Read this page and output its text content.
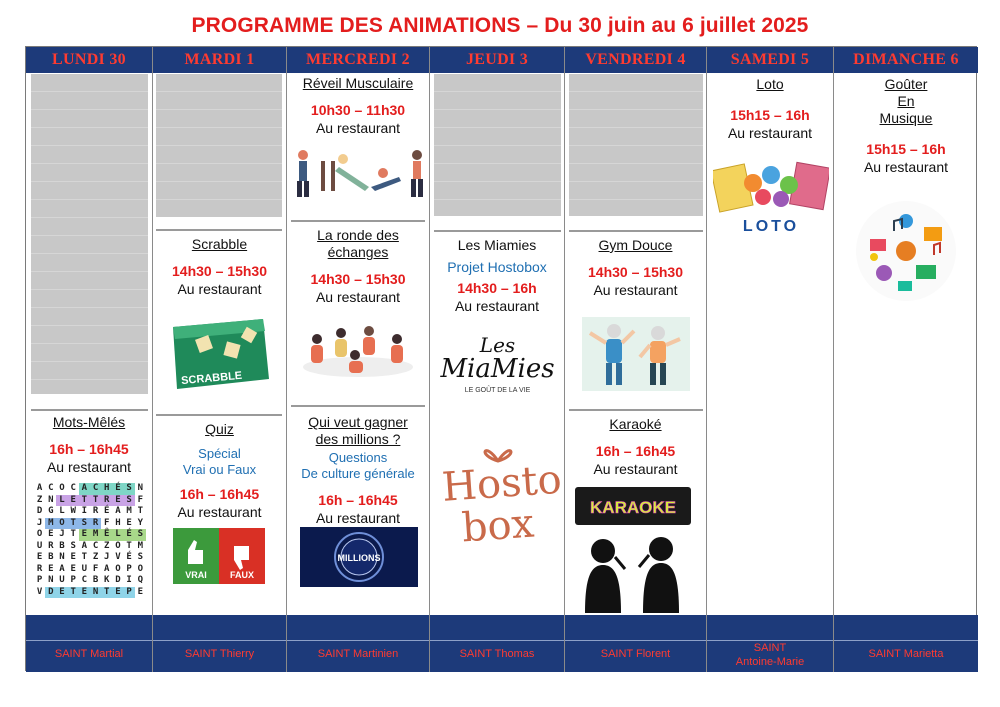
PROGRAMME DES ANIMATIONS – Du 30 juin au 6 juillet 2025
LUNDI 30
Mots-Mêlés
16h – 16h45
Au restaurant
A C O C A C H É S N
Z N L E T T R E S F
D G L W I R É A M T
J M O T S R F H E Y
O E J T E M Ê L É S
U R B S A C Z O T M
E B N E T Z J V É S
R E A E U F A O P O
P N U P C B K D I Q
V D E T E N T E P E
SAINT Martial
MARDI 1
Scrabble
14h30 – 15h30
Au restaurant
SCRABBLE
Quiz
Spécial
Vrai ou Faux
16h – 16h45
Au restaurant
VRAI	FAUX
SAINT Thierry
MERCREDI 2
Réveil Musculaire
10h30 – 11h30
Au restaurant
La ronde des
échanges
14h30 – 15h30
Au restaurant
Qui veut gagner
des millions ?
Questions
De culture générale
16h – 16h45
Au restaurant
MILLIONS
SAINT Martinien
JEUDI 3
Les Miamies
Projet Hostobox
14h30 – 16h
Au restaurant
Les
MiaMies
LE GOÛT DE LA VIE
Hosto
box
SAINT Thomas
VENDREDI 4
Gym Douce
14h30 – 15h30
Au restaurant
Karaoké
16h – 16h45
Au restaurant
KARAOKE
SAINT Florent
SAMEDI 5
Loto
15h15 – 16h
Au restaurant
LOTO
SAINT
Antoine-Marie
DIMANCHE 6
Goûter
En
Musique
15h15 – 16h
Au restaurant
SAINT Marietta
